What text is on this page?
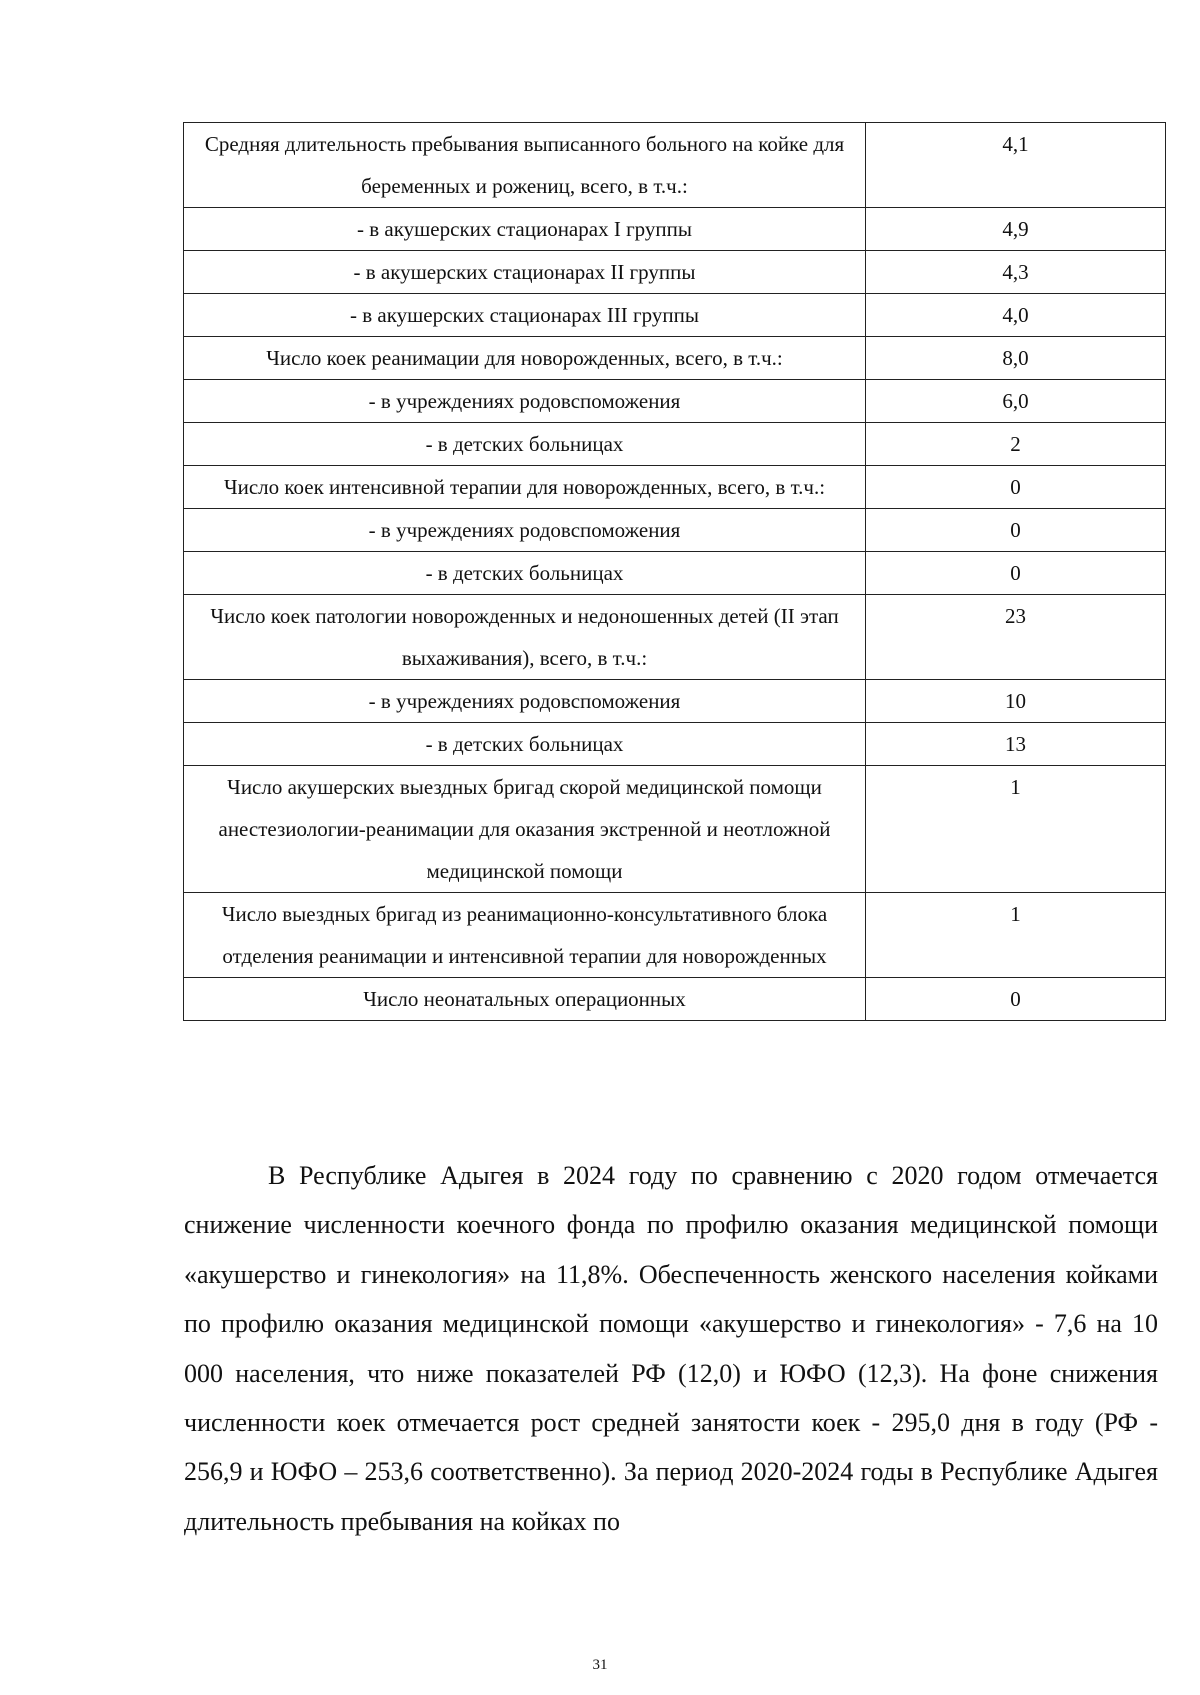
Средняя длительность пребывания выписанного больного на койке для беременных и рожениц, всего, в т.ч.:	4,1
- в акушерских стационарах I группы	4,9
- в акушерских стационарах II группы	4,3
- в акушерских стационарах III группы	4,0
Число коек реанимации для новорожденных, всего, в т.ч.:	8,0
- в учреждениях родовспоможения	6,0
- в детских больницах	2
Число коек интенсивной терапии для новорожденных, всего, в т.ч.:	0
- в учреждениях родовспоможения	0
- в детских больницах	0
Число коек патологии новорожденных и недоношенных детей (II этап выхаживания), всего, в т.ч.:	23
- в учреждениях родовспоможения	10
- в детских больницах	13
Число акушерских выездных бригад скорой медицинской помощи анестезиологии-реанимации для оказания экстренной и неотложной медицинской помощи	1
Число выездных бригад из реанимационно-консультативного блока отделения реанимации и интенсивной терапии для новорожденных	1
Число неонатальных операционных	0

В Республике Адыгея в 2024 году по сравнению с 2020 годом отмечается снижение численности коечного фонда по профилю оказания медицинской помощи «акушерство и гинекология» на 11,8%. Обеспеченность женского населения койками по профилю оказания медицинской помощи «акушерство и гинекология» - 7,6 на 10 000 населения, что ниже показателей РФ (12,0) и ЮФО (12,3). На фоне снижения численности коек отмечается рост средней занятости коек - 295,0 дня в году (РФ - 256,9 и ЮФО – 253,6 соответственно). За период 2020-2024 годы в Республике Адыгея длительность пребывания на койках по

31
